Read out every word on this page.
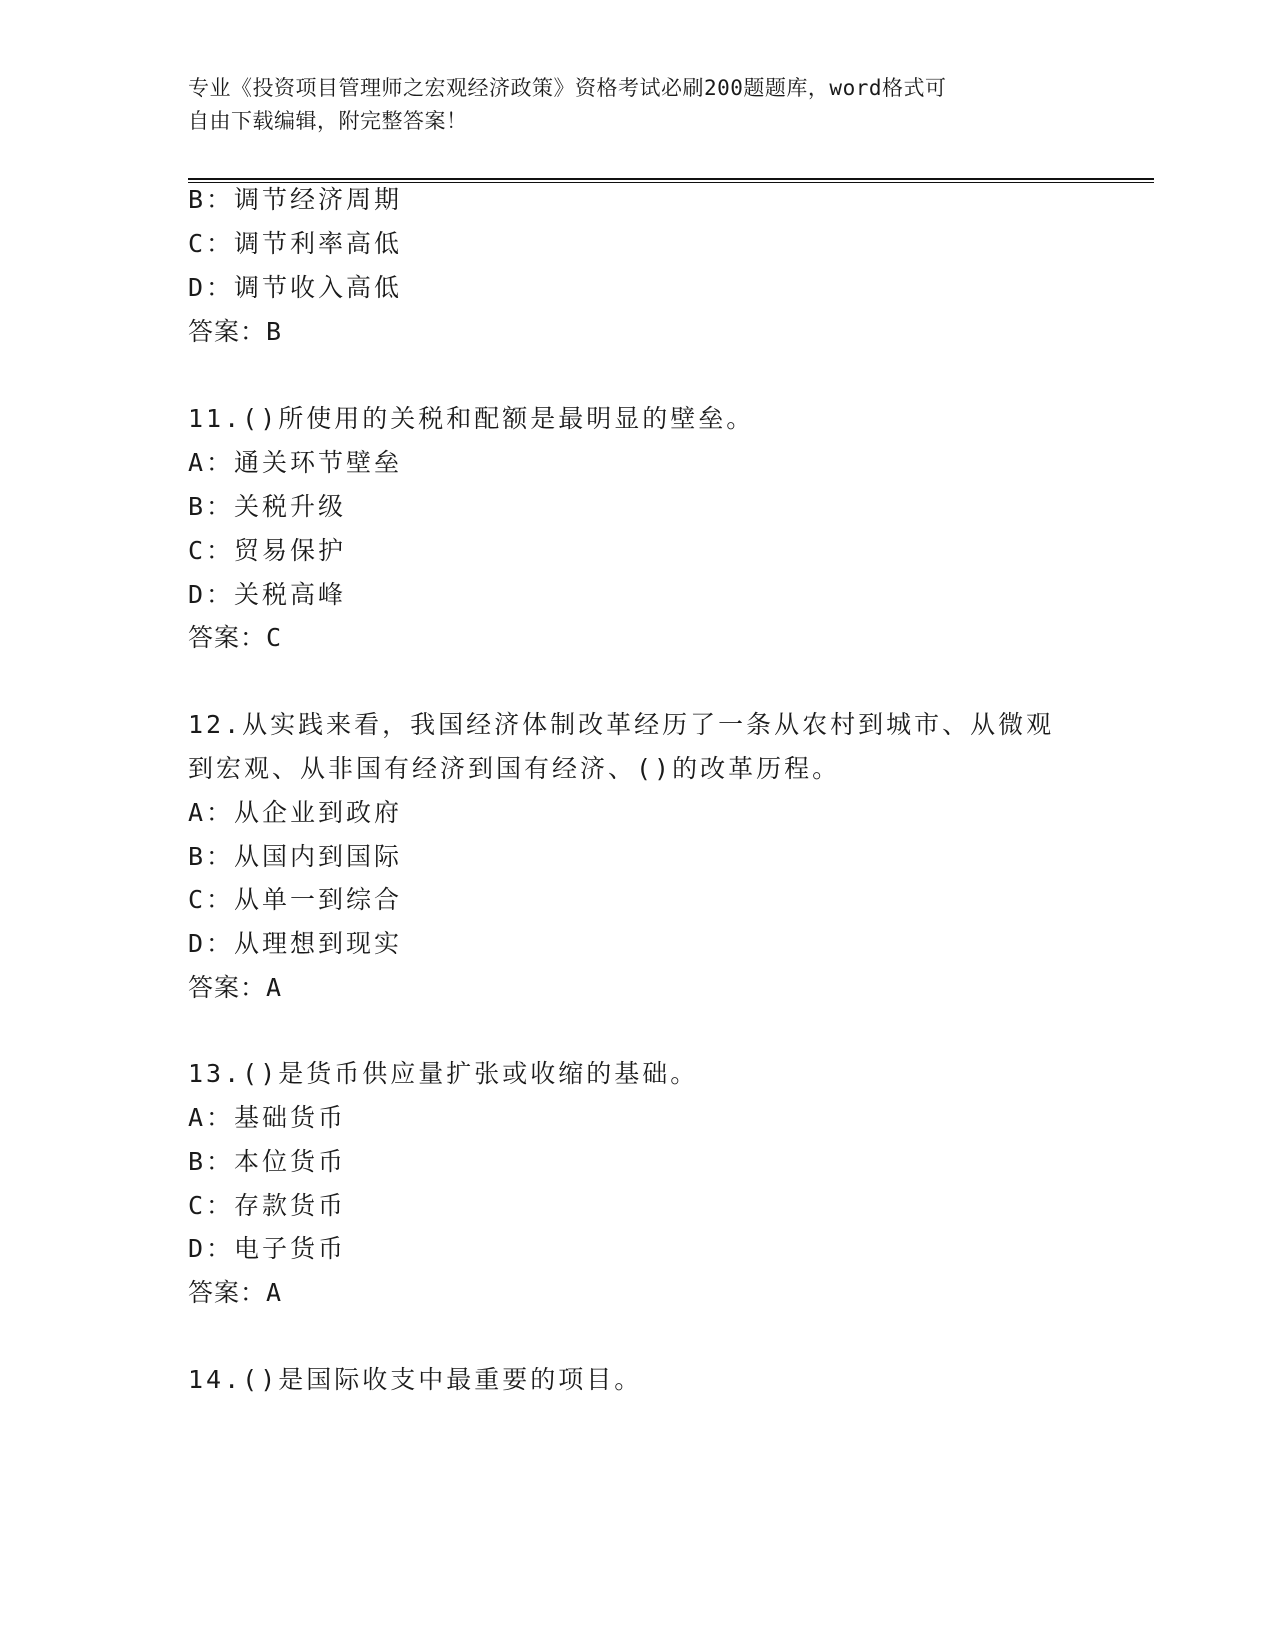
专业《投资项目管理师之宏观经济政策》资格考试必刷200题题库，word格式可
自由下载编辑，附完整答案！
B：调节经济周期
C：调节利率高低
D：调节收入高低
答案：B
11.()所使用的关税和配额是最明显的壁垒。
A：通关环节壁垒
B：关税升级
C：贸易保护
D：关税高峰
答案：C
12.从实践来看，我国经济体制改革经历了一条从农村到城市、从微观
到宏观、从非国有经济到国有经济、()的改革历程。
A：从企业到政府
B：从国内到国际
C：从单一到综合
D：从理想到现实
答案：A
13.()是货币供应量扩张或收缩的基础。
A：基础货币
B：本位货币
C：存款货币
D：电子货币
答案：A
14.()是国际收支中最重要的项目。
